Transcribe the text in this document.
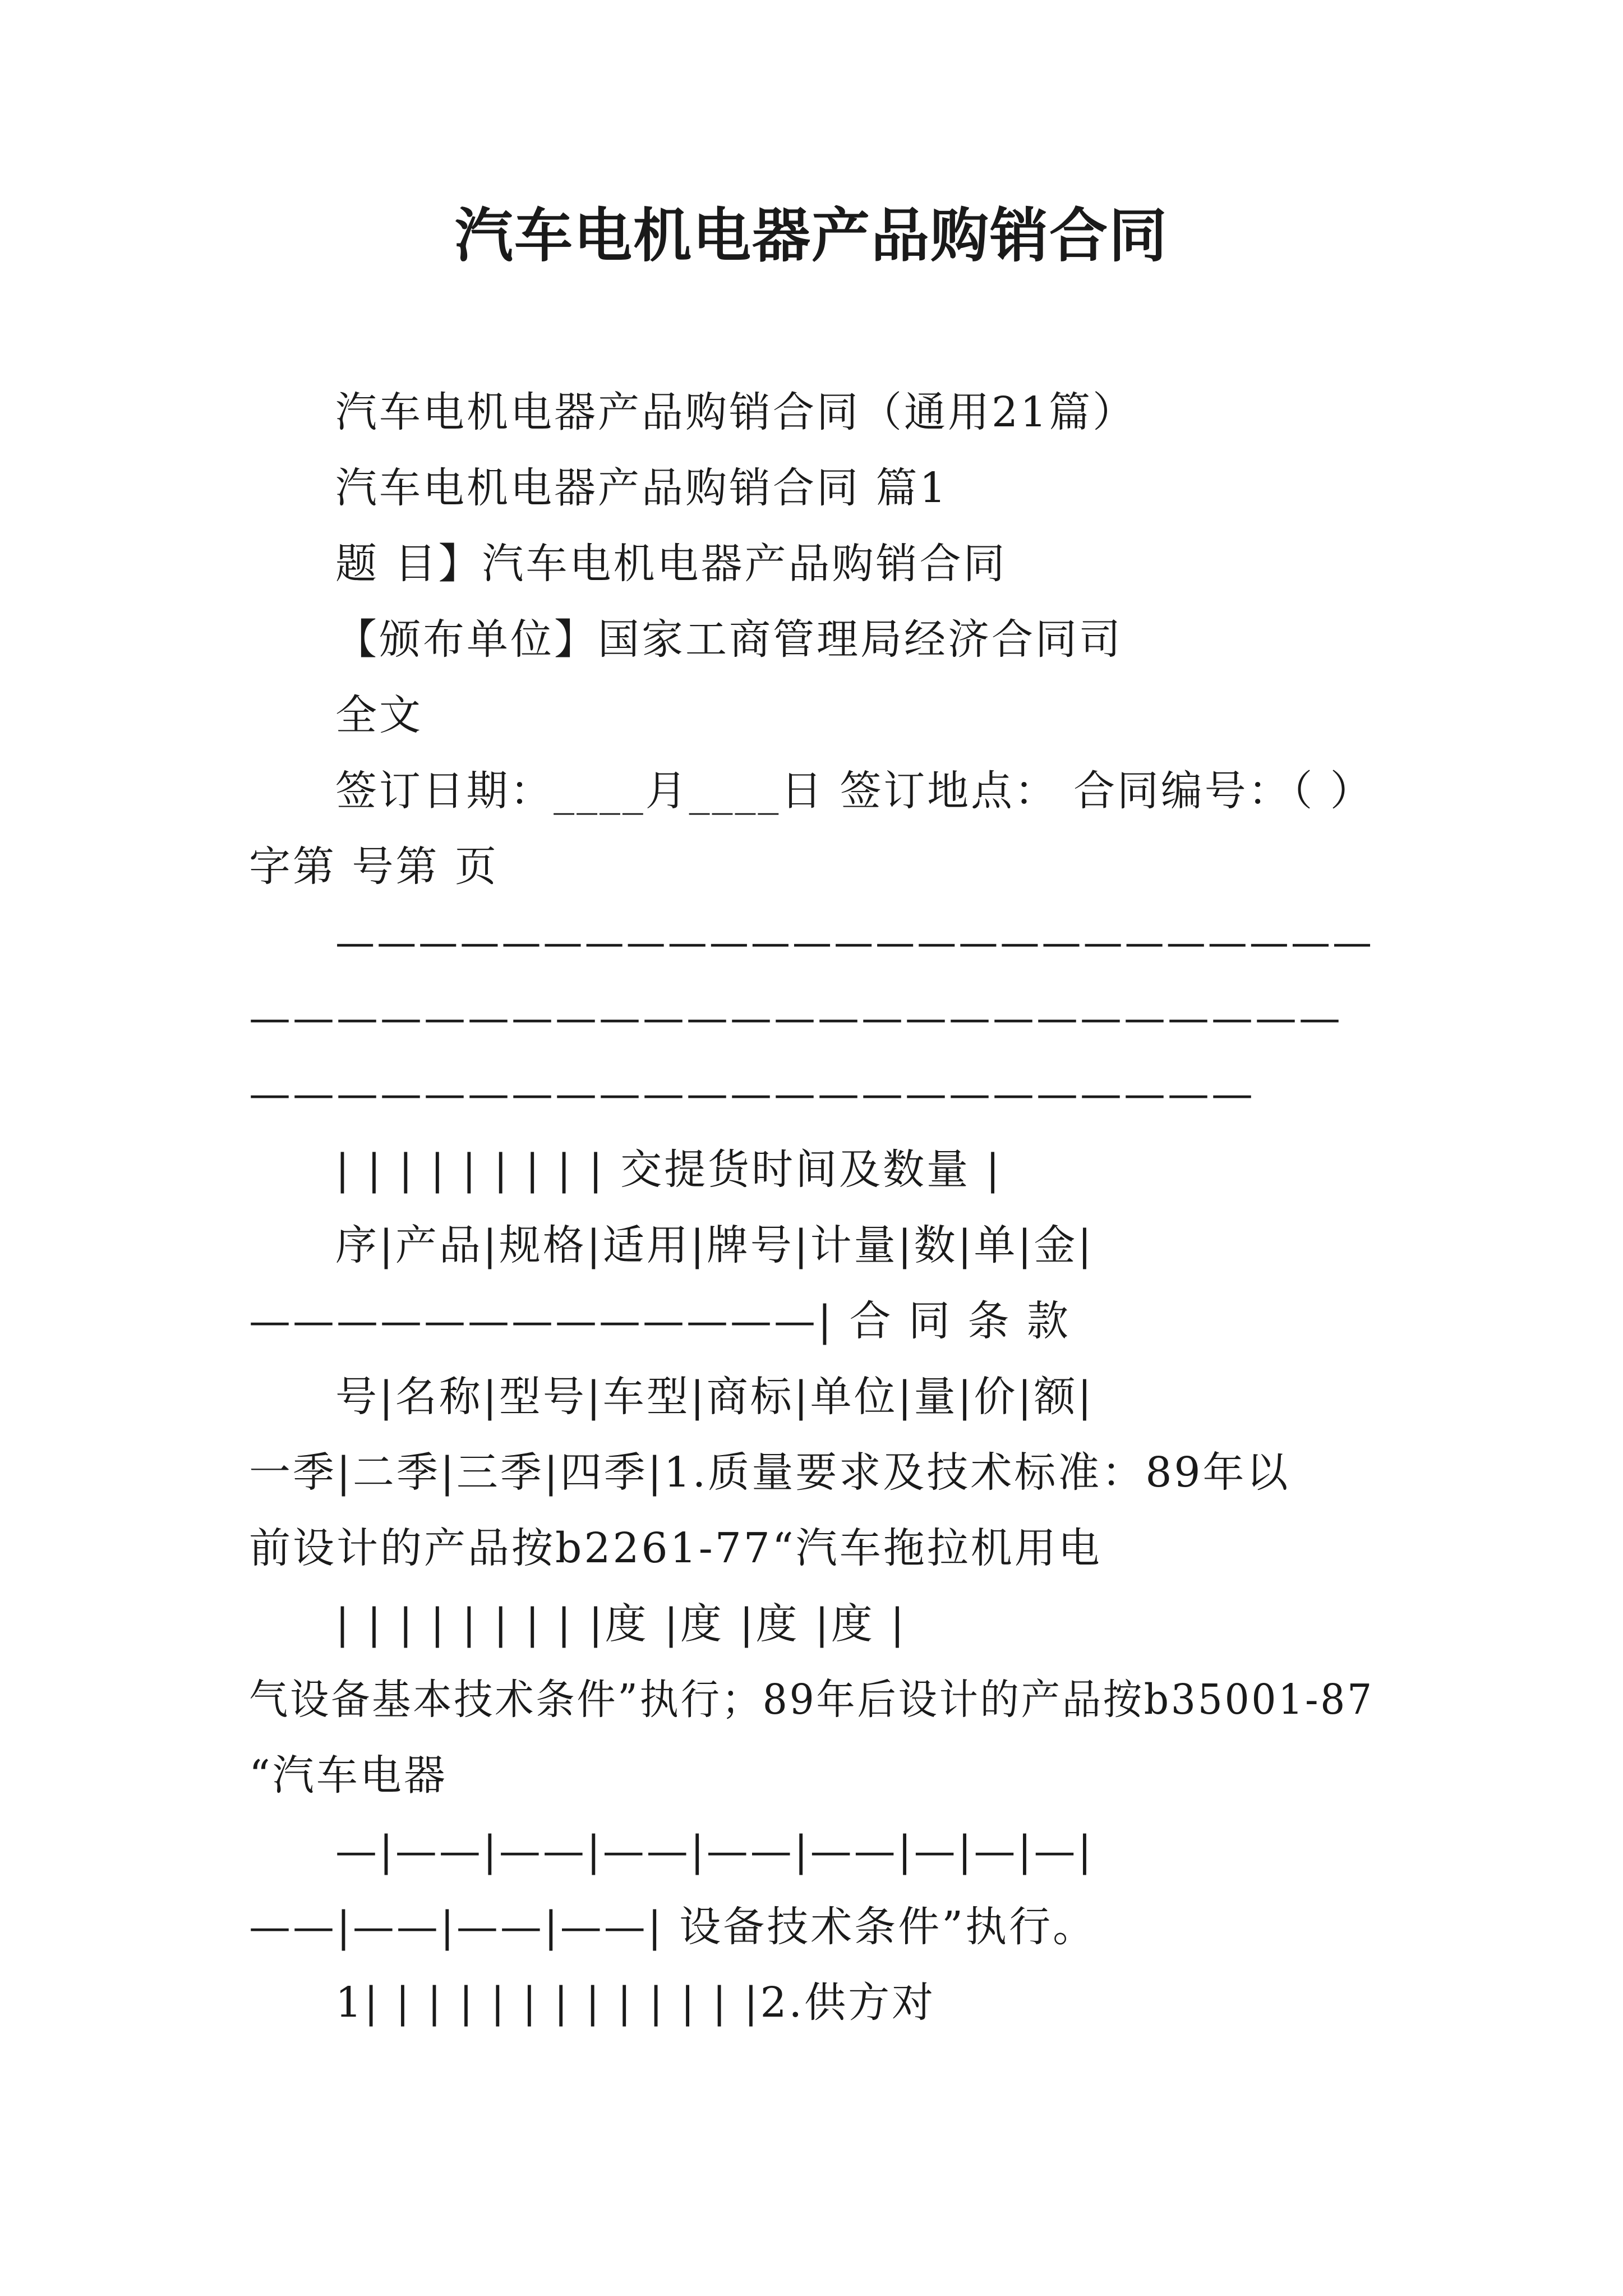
汽车电机电器产品购销合同
汽车电机电器产品购销合同（通用21篇）
汽车电机电器产品购销合同 篇1
题 目】汽车电机电器产品购销合同
【颁布单位】国家工商管理局经济合同司
全文
签订日期：____月____日 签订地点： 合同编号：（ ）
字第 号第 页
—————————————————————————
—————————————————————————
———————————————————————
| | | | | | | | | 交提货时间及数量 |
序|产品|规格|适用|牌号|计量|数|单|金|
—————————————| 合 同 条 款
号|名称|型号|车型|商标|单位|量|价|额|
一季|二季|三季|四季|1.质量要求及技术标准：89年以
前设计的产品按b2261-77“汽车拖拉机用电
| | | | | | | | |度 |度 |度 |度 |
气设备基本技术条件”执行；89年后设计的产品按b35001-87
“汽车电器
—|——|——|——|——|——|—|—|—|
——|——|——|——| 设备技术条件”执行。
1| | | | | | | | | | | | |2.供方对
